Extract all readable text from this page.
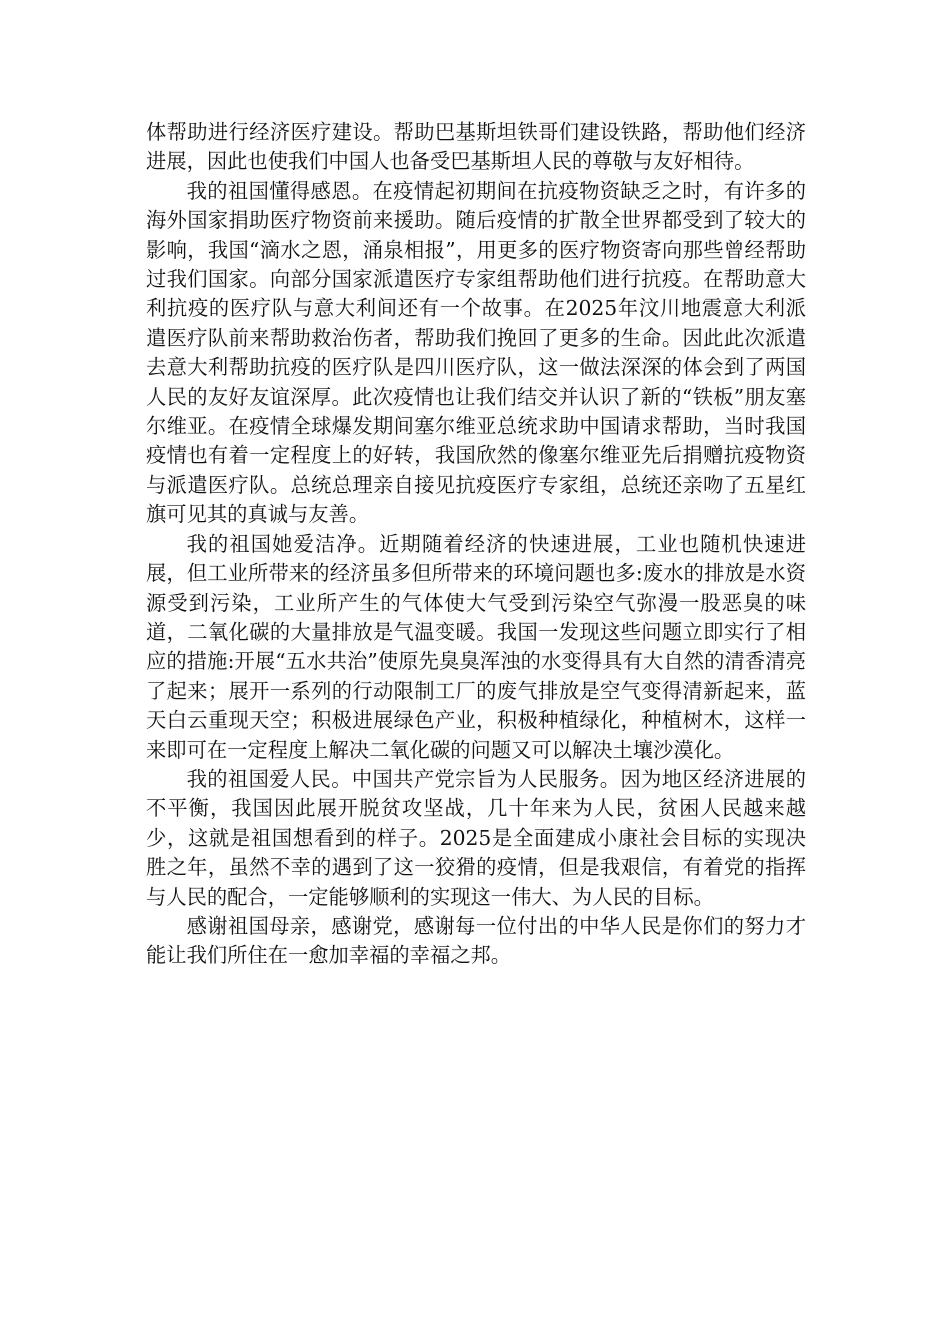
体帮助进行经济医疗建设。帮助巴基斯坦铁哥们建设铁路，帮助他们经济进展，因此也使我们中国人也备受巴基斯坦人民的尊敬与友好相待。

我的祖国懂得感恩。在疫情起初期间在抗疫物资缺乏之时，有许多的海外国家捐助医疗物资前来援助。随后疫情的扩散全世界都受到了较大的影响，我国“滴水之恩，涌泉相报”，用更多的医疗物资寄向那些曾经帮助过我们国家。向部分国家派遣医疗专家组帮助他们进行抗疫。在帮助意大利抗疫的医疗队与意大利间还有一个故事。在2025年汶川地震意大利派遣医疗队前来帮助救治伤者，帮助我们挽回了更多的生命。因此此次派遣去意大利帮助抗疫的医疗队是四川医疗队，这一做法深深的体会到了两国人民的友好友谊深厚。此次疫情也让我们结交并认识了新的“铁板”朋友塞尔维亚。在疫情全球爆发期间塞尔维亚总统求助中国请求帮助，当时我国疫情也有着一定程度上的好转，我国欣然的像塞尔维亚先后捐赠抗疫物资与派遣医疗队。总统总理亲自接见抗疫医疗专家组，总统还亲吻了五星红旗可见其的真诚与友善。

我的祖国她爱洁净。近期随着经济的快速进展，工业也随机快速进展，但工业所带来的经济虽多但所带来的环境问题也多:废水的排放是水资源受到污染，工业所产生的气体使大气受到污染空气弥漫一股恶臭的味道，二氧化碳的大量排放是气温变暖。我国一发现这些问题立即实行了相应的措施:开展“五水共治”使原先臭臭浑浊的水变得具有大自然的清香清亮了起来；展开一系列的行动限制工厂的废气排放是空气变得清新起来，蓝天白云重现天空；积极进展绿色产业，积极种植绿化，种植树木，这样一来即可在一定程度上解决二氧化碳的问题又可以解决土壤沙漠化。

我的祖国爱人民。中国共产党宗旨为人民服务。因为地区经济进展的不平衡，我国因此展开脱贫攻坚战，几十年来为人民，贫困人民越来越少，这就是祖国想看到的样子。2025是全面建成小康社会目标的实现决胜之年，虽然不幸的遇到了这一狡猾的疫情，但是我艰信，有着党的指挥与人民的配合，一定能够顺利的实现这一伟大、为人民的目标。

感谢祖国母亲，感谢党，感谢每一位付出的中华人民是你们的努力才能让我们所住在一愈加幸福的幸福之邦。
